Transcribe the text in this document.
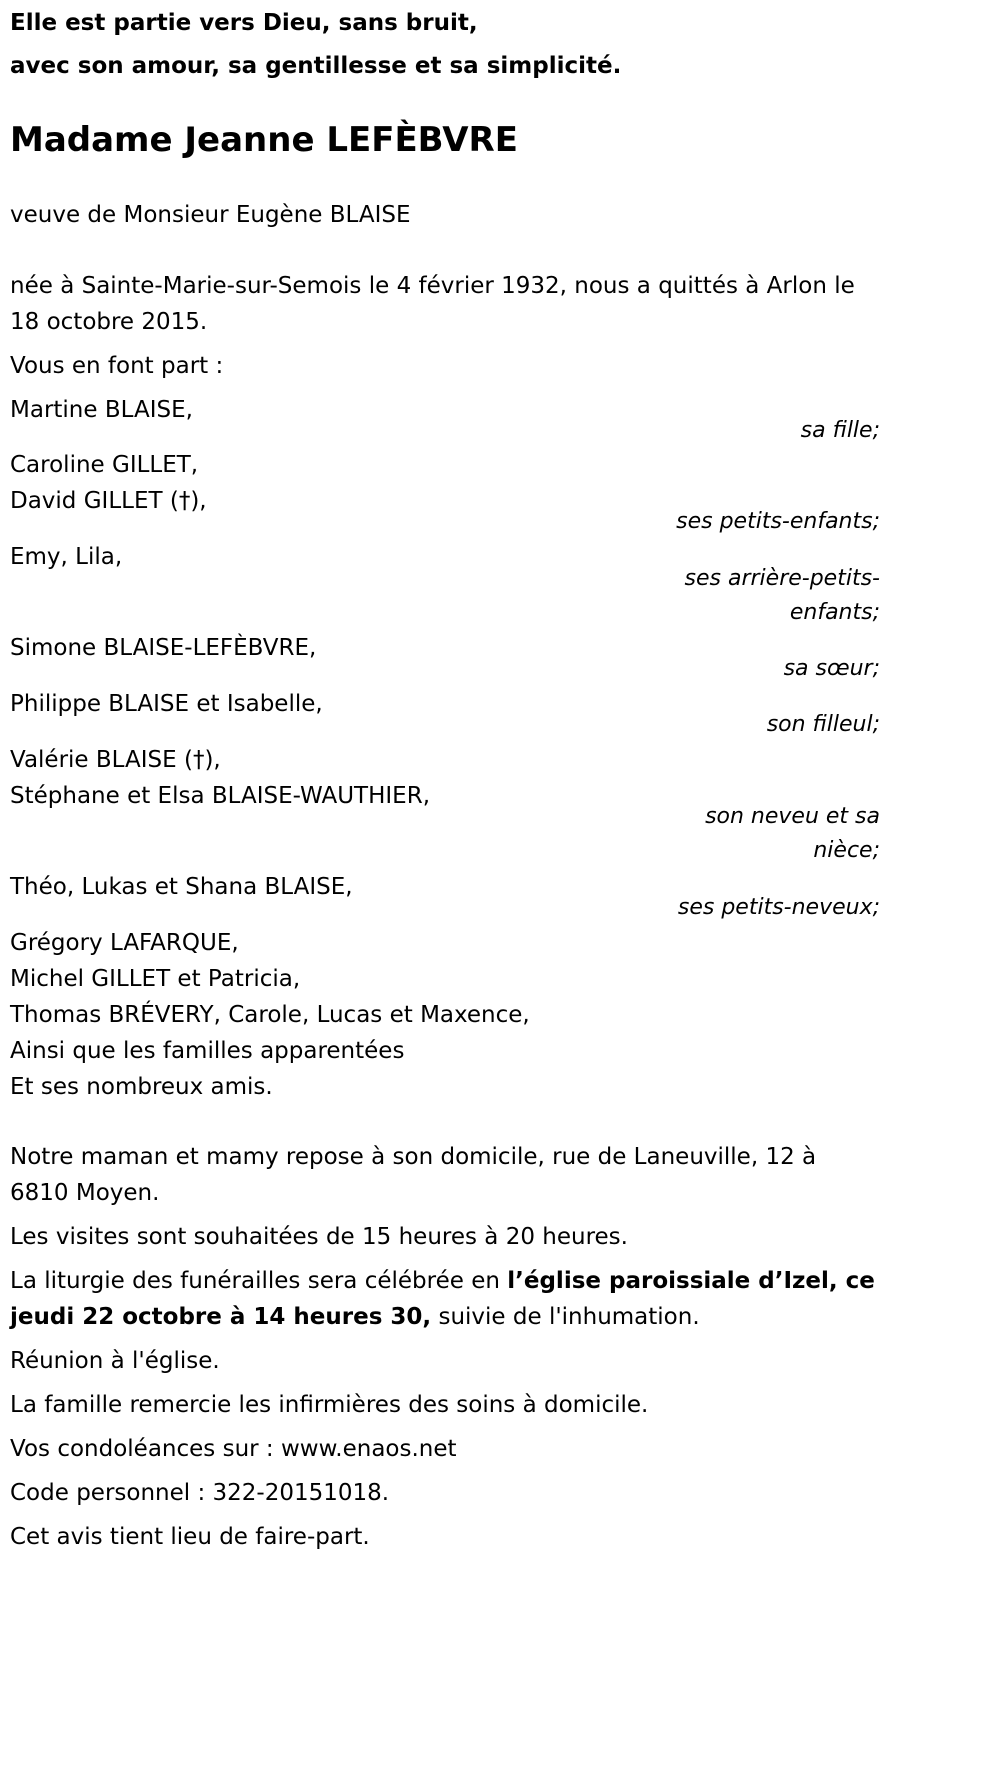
Elle est partie vers Dieu, sans bruit,
avec son amour, sa gentillesse et sa simplicité.
Madame Jeanne LEFÈBVRE
veuve de Monsieur Eugène BLAISE
née à Sainte-Marie-sur-Semois le 4 février 1932, nous a quittés à Arlon le
18 octobre 2015.
Vous en font part :
Martine BLAISE,
sa fille;
Caroline GILLET,
David GILLET (†),
ses petits-enfants;
Emy, Lila,
ses arrière-petits-
enfants;
Simone BLAISE-LEFÈBVRE,
sa sœur;
Philippe BLAISE et Isabelle,
son filleul;
Valérie BLAISE (†),
Stéphane et Elsa BLAISE-WAUTHIER,
son neveu et sa
nièce;
Théo, Lukas et Shana BLAISE,
ses petits-neveux;
Grégory LAFARQUE,
Michel GILLET et Patricia,
Thomas BRÉVERY, Carole, Lucas et Maxence,
Ainsi que les familles apparentées
Et ses nombreux amis.
Notre maman et mamy repose à son domicile, rue de Laneuville, 12 à
6810 Moyen.
Les visites sont souhaitées de 15 heures à 20 heures.
La liturgie des funérailles sera célébrée en l’église paroissiale d’Izel, ce
jeudi 22 octobre à 14 heures 30, suivie de l'inhumation.
Réunion à l'église.
La famille remercie les infirmières des soins à domicile.
Vos condoléances sur : www.enaos.net
Code personnel : 322-20151018.
Cet avis tient lieu de faire-part.
